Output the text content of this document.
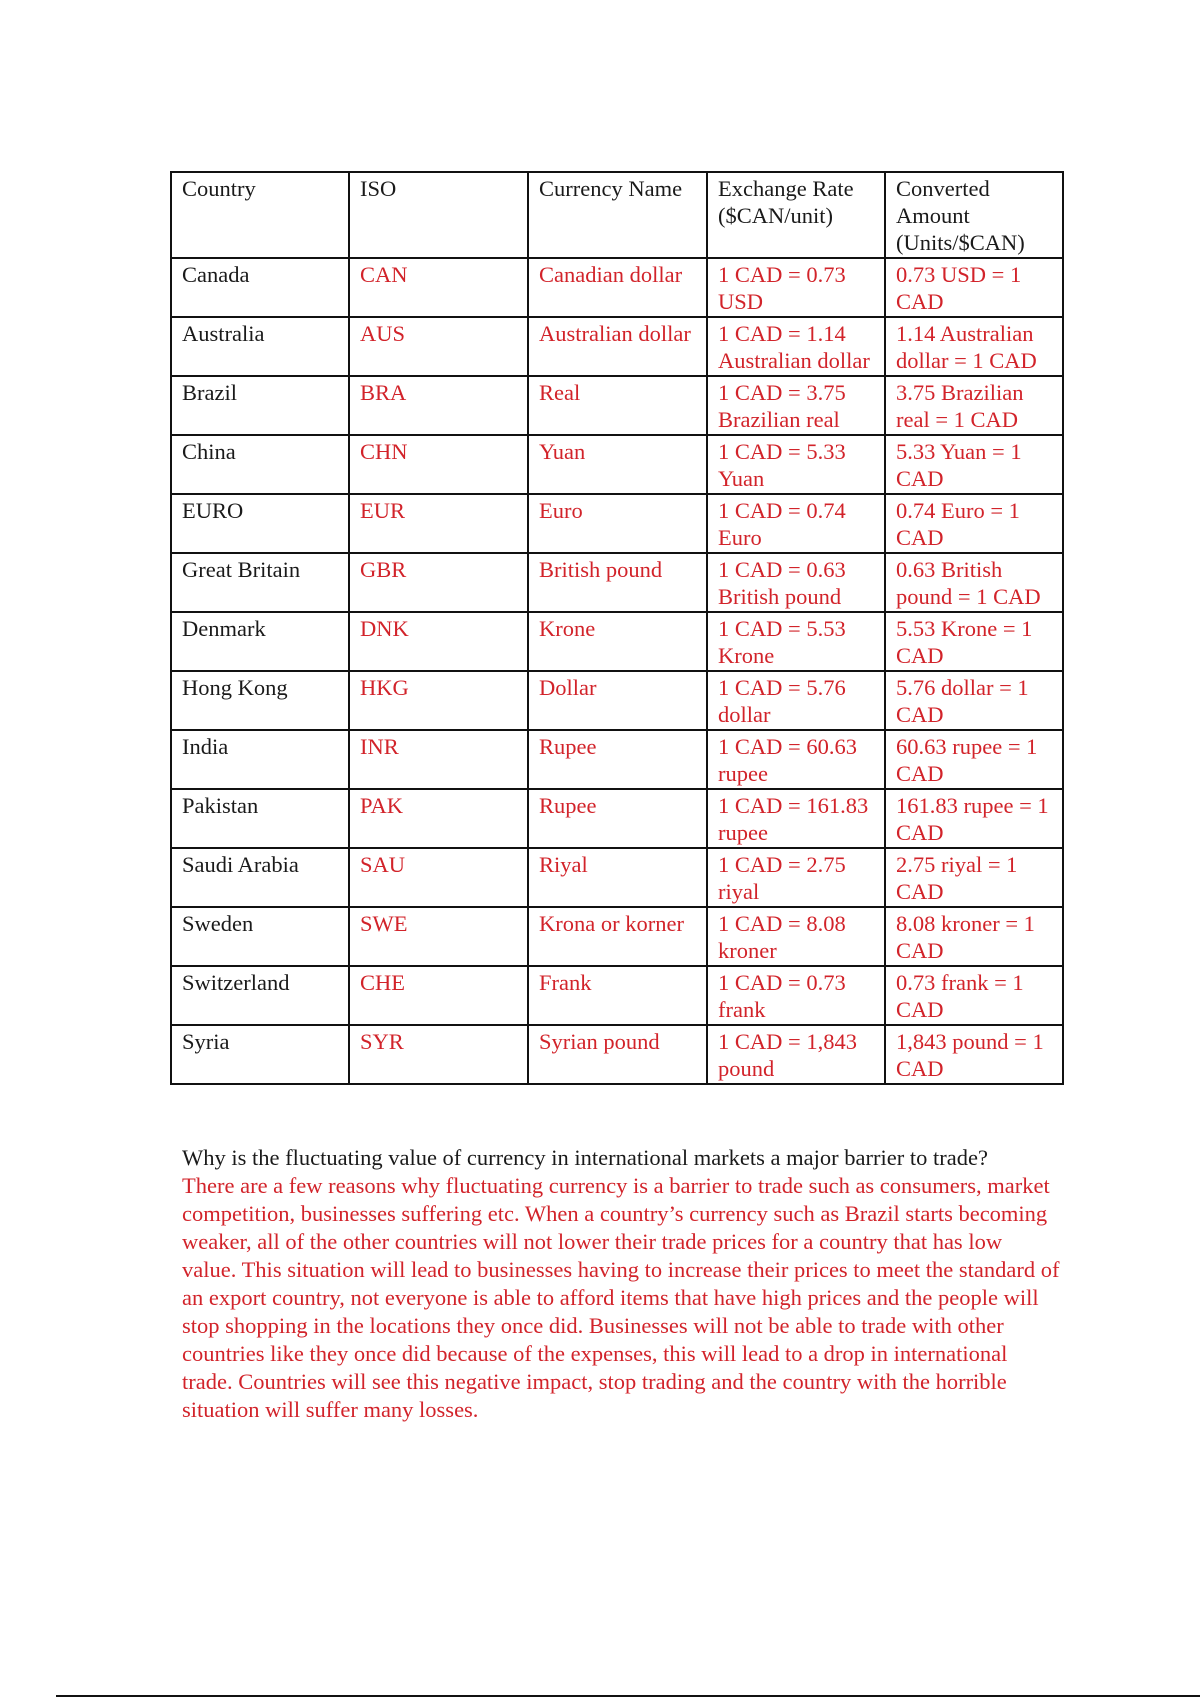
Country	ISO	Currency Name	Exchange Rate ($CAN/unit)	Converted Amount (Units/$CAN)
Canada	CAN	Canadian dollar	1 CAD = 0.73 USD	0.73 USD = 1 CAD
Australia	AUS	Australian dollar	1 CAD = 1.14 Australian dollar	1.14 Australian dollar = 1 CAD
Brazil	BRA	Real	1 CAD = 3.75 Brazilian real	3.75 Brazilian real = 1 CAD
China	CHN	Yuan	1 CAD = 5.33 Yuan	5.33 Yuan = 1 CAD
EURO	EUR	Euro	1 CAD = 0.74 Euro	0.74 Euro = 1 CAD
Great Britain	GBR	British pound	1 CAD = 0.63 British pound	0.63 British pound = 1 CAD
Denmark	DNK	Krone	1 CAD = 5.53 Krone	5.53 Krone = 1 CAD
Hong Kong	HKG	Dollar	1 CAD = 5.76 dollar	5.76 dollar = 1 CAD
India	INR	Rupee	1 CAD = 60.63 rupee	60.63 rupee = 1 CAD
Pakistan	PAK	Rupee	1 CAD = 161.83 rupee	161.83 rupee = 1 CAD
Saudi Arabia	SAU	Riyal	1 CAD = 2.75 riyal	2.75 riyal = 1 CAD
Sweden	SWE	Krona or korner	1 CAD = 8.08 kroner	8.08 kroner = 1 CAD
Switzerland	CHE	Frank	1 CAD = 0.73 frank	0.73 frank = 1 CAD
Syria	SYR	Syrian pound	1 CAD = 1,843 pound	1,843 pound = 1 CAD

Why is the fluctuating value of currency in international markets a major barrier to trade?

There are a few reasons why fluctuating currency is a barrier to trade such as consumers, market competition, businesses suffering etc. When a country’s currency such as Brazil starts becoming weaker, all of the other countries will not lower their trade prices for a country that has low value. This situation will lead to businesses having to increase their prices to meet the standard of an export country, not everyone is able to afford items that have high prices and the people will stop shopping in the locations they once did. Businesses will not be able to trade with other countries like they once did because of the expenses, this will lead to a drop in international trade. Countries will see this negative impact, stop trading and the country with the horrible situation will suffer many losses.
